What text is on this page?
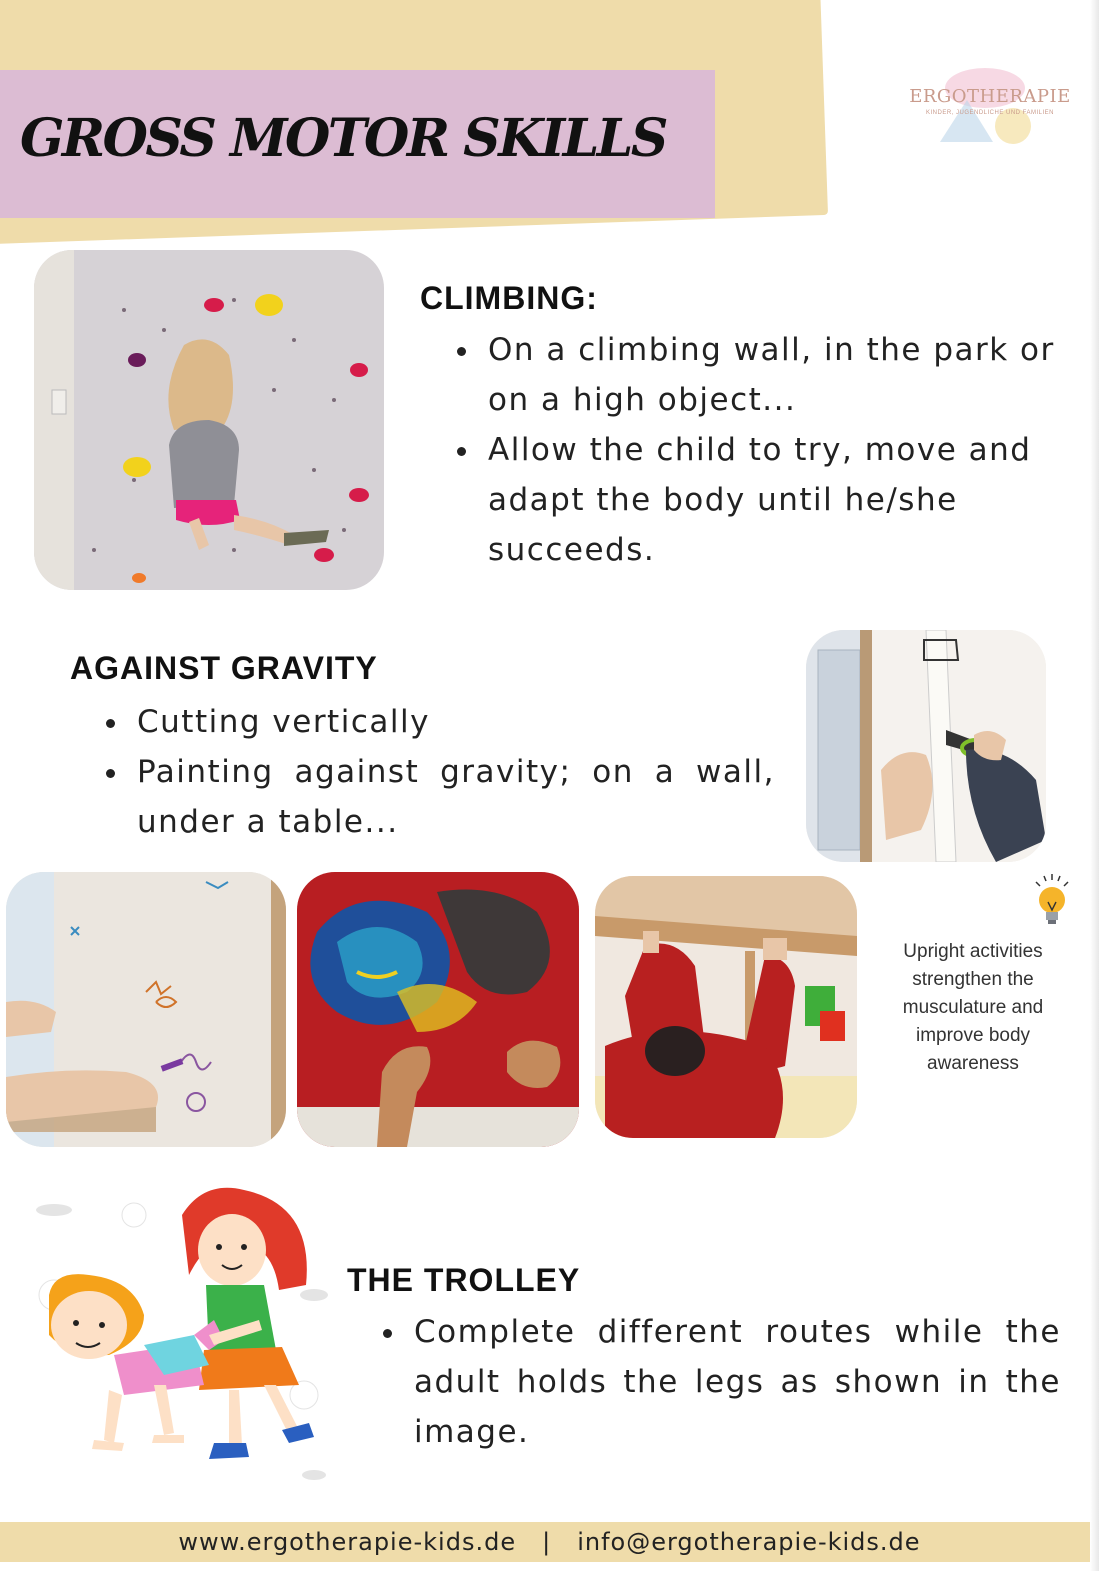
GROSS MOTOR SKILLS
ERGOTHERAPIE
KINDER, JUGENDLICHE UND FAMILIEN
CLIMBING:
• On a climbing wall, in the park or on a high object...
• Allow the child to try, move and adapt the body until he/she succeeds.
AGAINST GRAVITY
• Cutting vertically
• Painting against gravity; on a wall, under a table...
Upright activities strengthen the musculature and improve body awareness
THE TROLLEY
• Complete different routes while the adult holds the legs as shown in the image.
www.ergotherapie-kids.de | info@ergotherapie-kids.de
